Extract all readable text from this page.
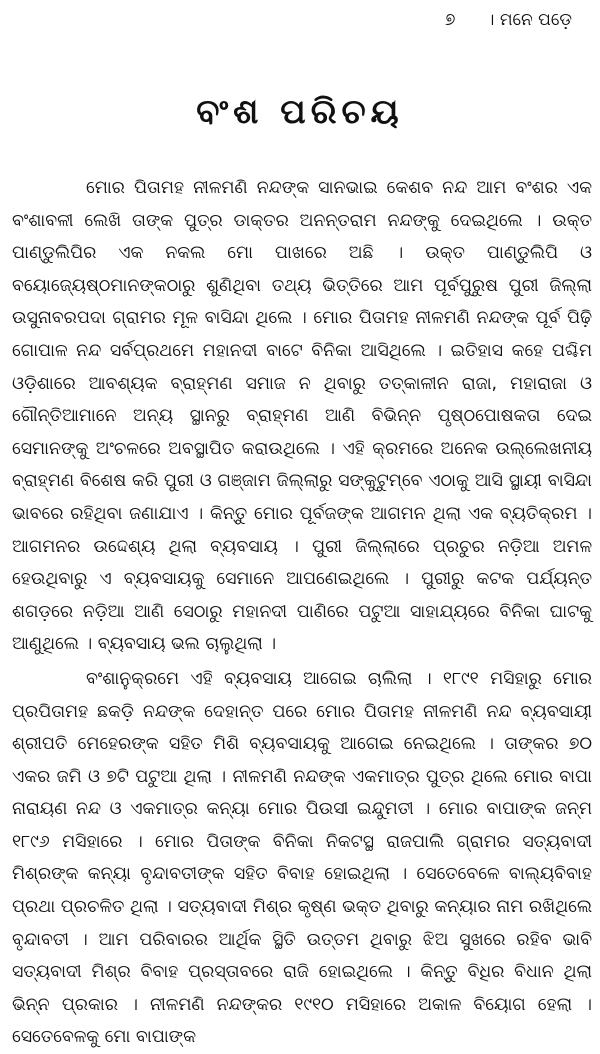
୭ । ମନେ ପଡ଼େ
ବଂଶ ପରିଚୟ

ମୋର ପିତାମହ ନୀଳମଣି ନନ୍ଦଙ୍କ ସାନଭାଇ କେଶବ ନନ୍ଦ ଆମ ବଂଶର ଏକ ବଂଶାବଳୀ ଲେଖି ତାଙ୍କ ପୁତ୍ର ଡାକ୍ତର ଅନନ୍ତରାମ ନନ୍ଦଙ୍କୁ ଦେଇଥିଲେ । ଉକ୍ତ ପାଣ୍ଡୁଲିପିର ଏକ ନକଲ ମୋ ପାଖରେ ଅଛି । ଉକ୍ତ ପାଣ୍ଡୁଲିପି ଓ ବୟୋଜ୍ୟେଷ୍ଠମାନଙ୍କଠାରୁ ଶୁଣିଥିବା ତଥ୍ୟ ଭିତ୍ତିରେ ଆମ ପୂର୍ବପୁରୁଷ ପୁରୀ ଜିଲ୍ଲା ଉସୁନାବରପଦା ଗ୍ରାମର ମୂଳ ବାସିନ୍ଦା ଥିଲେ । ମୋର ପିତାମହ ନୀଳମଣି ନନ୍ଦଙ୍କ ପୂର୍ବ ପିଢ଼ି ଗୋପାଳ ନନ୍ଦ ସର୍ବପ୍ରଥମେ ମହାନଦୀ ବାଟେ ବିନିକା ଆସିଥିଲେ । ଇତିହାସ କହେ ପଶ୍ଚିମ ଓଡ଼ିଶାରେ ଆବଶ୍ୟକ ବ୍ରାହ୍ମଣ ସମାଜ ନ ଥିବାରୁ ତତ୍କାଳୀନ ରାଜା, ମହାରାଜା ଓ ଗୌନ୍ତିଆମାନେ ଅନ୍ୟ ସ୍ଥାନରୁ ବ୍ରାହ୍ମଣ ଆଣି ବିଭିନ୍ନ ପୃଷ୍ଠପୋଷକତା ଦେଇ ସେମାନଙ୍କୁ ଅଂଚଳରେ ଅବସ୍ଥାପିତ କରାଉଥିଲେ । ଏହି କ୍ରମରେ ଅନେକ ଉଲ୍ଲେଖନୀୟ ବ୍ରାହ୍ମଣ ବିଶେଷ କରି ପୁରୀ ଓ ଗଞ୍ଜାମ ଜିଲ୍ଲାରୁ ସଙ୍କୁଟୁମ୍ବେ ଏଠାକୁ ଆସି ସ୍ଥାୟୀ ବାସିନ୍ଦା ଭାବରେ ରହିଥିବା ଜଣାଯାଏ । କିନ୍ତୁ ମୋର ପୂର୍ବଜଙ୍କ ଆଗମନ ଥିଲା ଏକ ବ୍ୟତିକ୍ରମ । ଆଗମନର ଉଦ୍ଦେଶ୍ୟ ଥିଲା ବ୍ୟବସାୟ । ପୁରୀ ଜିଲ୍ଲାରେ ପ୍ରଚୁର ନଡ଼ିଆ ଅମଳ ହେଉଥିବାରୁ ଏ ବ୍ୟବସାୟକୁ ସେମାନେ ଆପଣେଇଥିଲେ । ପୁରୀରୁ କଟକ ପର୍ଯ୍ୟନ୍ତ ଶଗଡ଼ରେ ନଡ଼ିଆ ଆଣି ସେଠାରୁ ମହାନଦୀ ପାଣିରେ ପଟୁଆ ସାହାଯ୍ୟରେ ବିନିକା ଘାଟକୁ ଆଣୁଥିଲେ । ବ୍ୟବସାୟ ଭଲ ଚାଲୁଥିଲା ।

ବଂଶାନୁକ୍ରମେ ଏହି ବ୍ୟବସାୟ ଆଗେଇ ଚାଲିଲା । ୧୮୯୧ ମସିହାରୁ ମୋର ପ୍ରପିତାମହ ଛକଡ଼ି ନନ୍ଦଙ୍କ ଦେହାନ୍ତ ପରେ ମୋର ପିତାମହ ନୀଳମଣି ନନ୍ଦ ବ୍ୟବସାୟୀ ଶ୍ରୀପତି ମେହେରଙ୍କ ସହିତ ମିଶି ବ୍ୟବସାୟକୁ ଆଗେଇ ନେଇଥିଲେ । ତାଙ୍କର ୭୦ ଏକର ଜମି ଓ ୭ଟି ପଟୁଆ ଥିଲା । ନୀଳମଣି ନନ୍ଦଙ୍କ ଏକମାତ୍ର ପୁତ୍ର ଥିଲେ ମୋର ବାପା ନାରାୟଣ ନନ୍ଦ ଓ ଏକମାତ୍ର କନ୍ୟା ମୋର ପିଉସୀ ଇନ୍ଦୁମତୀ । ମୋର ବାପାଙ୍କ ଜନ୍ମ ୧୮୯୬ ମସିହାରେ । ମୋର ପିତାଙ୍କ ବିନିକା ନିକଟସ୍ଥ ରାଜପାଲି ଗ୍ରାମର ସତ୍ୟବାଦୀ ମିଶ୍ରଙ୍କ କନ୍ୟା ବୃନ୍ଦାବତୀଙ୍କ ସହିତ ବିବାହ ହୋଇଥିଲା । ସେତେବେଳେ ବାଲ୍ୟବିବାହ ପ୍ରଥା ପ୍ରଚଳିତ ଥିଲା । ସତ୍ୟବାଦୀ ମିଶ୍ର କୃଷ୍ଣ ଭକ୍ତ ଥିବାରୁ କନ୍ୟାର ନାମ ରଖିଥିଲେ ବୃନ୍ଦାବତୀ । ଆମ ପରିବାରର ଆର୍ଥିକ ସ୍ଥିତି ଉତ୍ତମ ଥିବାରୁ ଝିଅ ସୁଖରେ ରହିବ ଭାବି ସତ୍ୟବାଦୀ ମିଶ୍ର ବିବାହ ପ୍ରସ୍ତାବରେ ରାଜି ହୋଇଥିଲେ । କିନ୍ତୁ ବିଧିର ବିଧାନ ଥିଲା ଭିନ୍ନ ପ୍ରକାର । ନୀଳମଣି ନନ୍ଦଙ୍କର ୧୯୧୦ ମସିହାରେ ଅକାଳ ବିୟୋଗ ହେଲା । ସେତେବେଳକୁ ମୋ ବାପାଙ୍କ
